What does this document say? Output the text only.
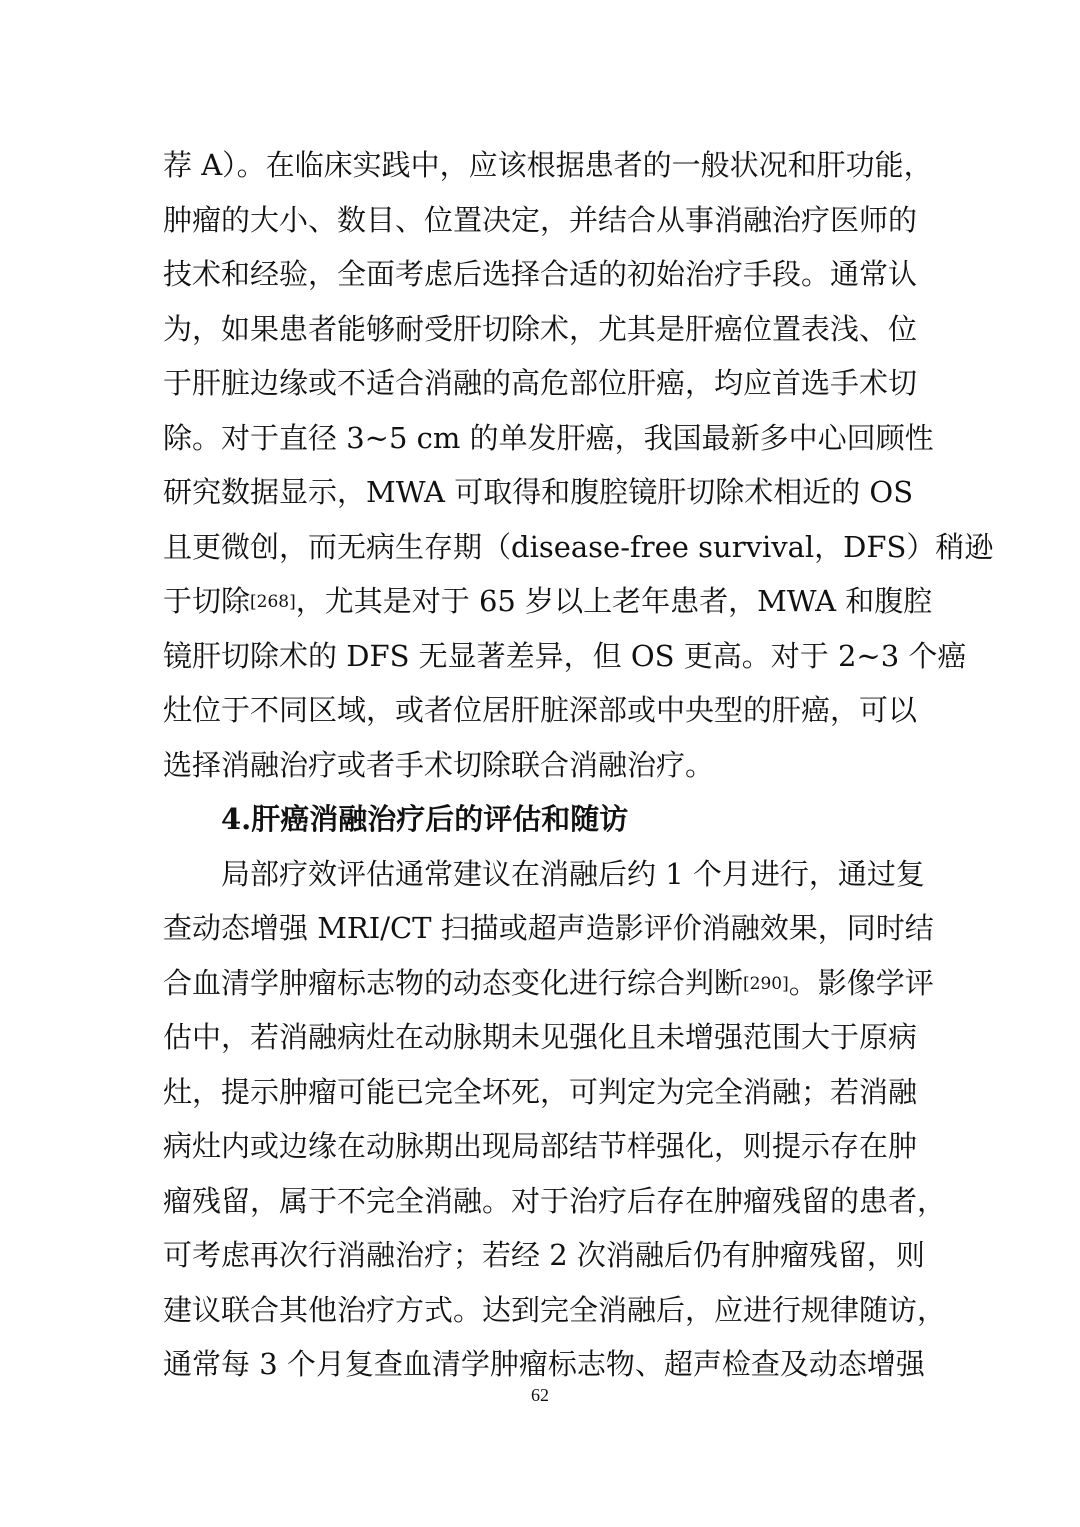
荐 A）。在临床实践中，应该根据患者的一般状况和肝功能，
肿瘤的大小、数目、位置决定，并结合从事消融治疗医师的
技术和经验，全面考虑后选择合适的初始治疗手段。通常认
为，如果患者能够耐受肝切除术，尤其是肝癌位置表浅、位
于肝脏边缘或不适合消融的高危部位肝癌，均应首选手术切
除。对于直径 3~5 cm 的单发肝癌，我国最新多中心回顾性
研究数据显示，MWA 可取得和腹腔镜肝切除术相近的 OS
且更微创，而无病生存期（disease-free survival，DFS）稍逊
于切除[268] ，尤其是对于 65 岁以上老年患者，MWA 和腹腔
镜肝切除术的 DFS 无显著差异，但 OS 更高。对于 2~3 个癌
灶位于不同区域，或者位居肝脏深部或中央型的肝癌，可以
选择消融治疗或者手术切除联合消融治疗。
4.肝癌消融治疗后的评估和随访
局部疗效评估通常建议在消融后约 1 个月进行，通过复
查动态增强 MRI/CT 扫描或超声造影评价消融效果，同时结
合血清学肿瘤标志物的动态变化进行综合判断[290] 。影像学评
估中，若消融病灶在动脉期未见强化且未增强范围大于原病
灶，提示肿瘤可能已完全坏死，可判定为完全消融；若消融
病灶内或边缘在动脉期出现局部结节样强化，则提示存在肿
瘤残留，属于不完全消融。对于治疗后存在肿瘤残留的患者，
可考虑再次行消融治疗；若经 2 次消融后仍有肿瘤残留，则
建议联合其他治疗方式。达到完全消融后，应进行规律随访，
通常每 3 个月复查血清学肿瘤标志物、超声检查及动态增强
62
